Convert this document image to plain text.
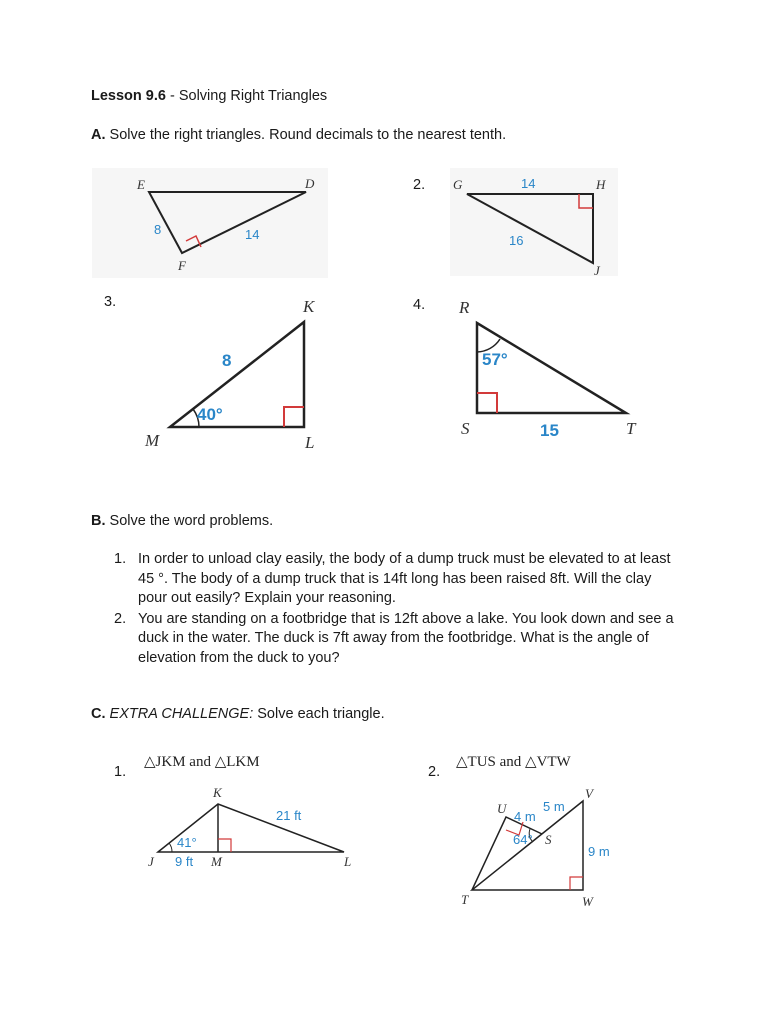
Lesson 9.6 - Solving Right Triangles
A. Solve the right triangles. Round decimals to the nearest tenth.
2.
3.	4.
E	D
F
8	14
G	H
J
14
16
K
M	L
8
40°
R
S	T
57°
15
B. Solve the word problems.
1. In order to unload clay easily, the body of a dump truck must be elevated to at least 45 °. The body of a dump truck that is 14ft long has been raised 8ft. Will the clay pour out easily? Explain your reasoning.
2. You are standing on a footbridge that is 12ft above a lake. You look down and see a duck in the water. The duck is 7ft away from the footbridge. What is the angle of elevation from the duck to you?
C. EXTRA CHALLENGE: Solve each triangle.
1.	2.
△JKM and △LKM
K
J	M	L
21 ft
41°
9 ft
△TUS and △VTW
U
V
S
T	W
5 m
4 m
64°
9 m
